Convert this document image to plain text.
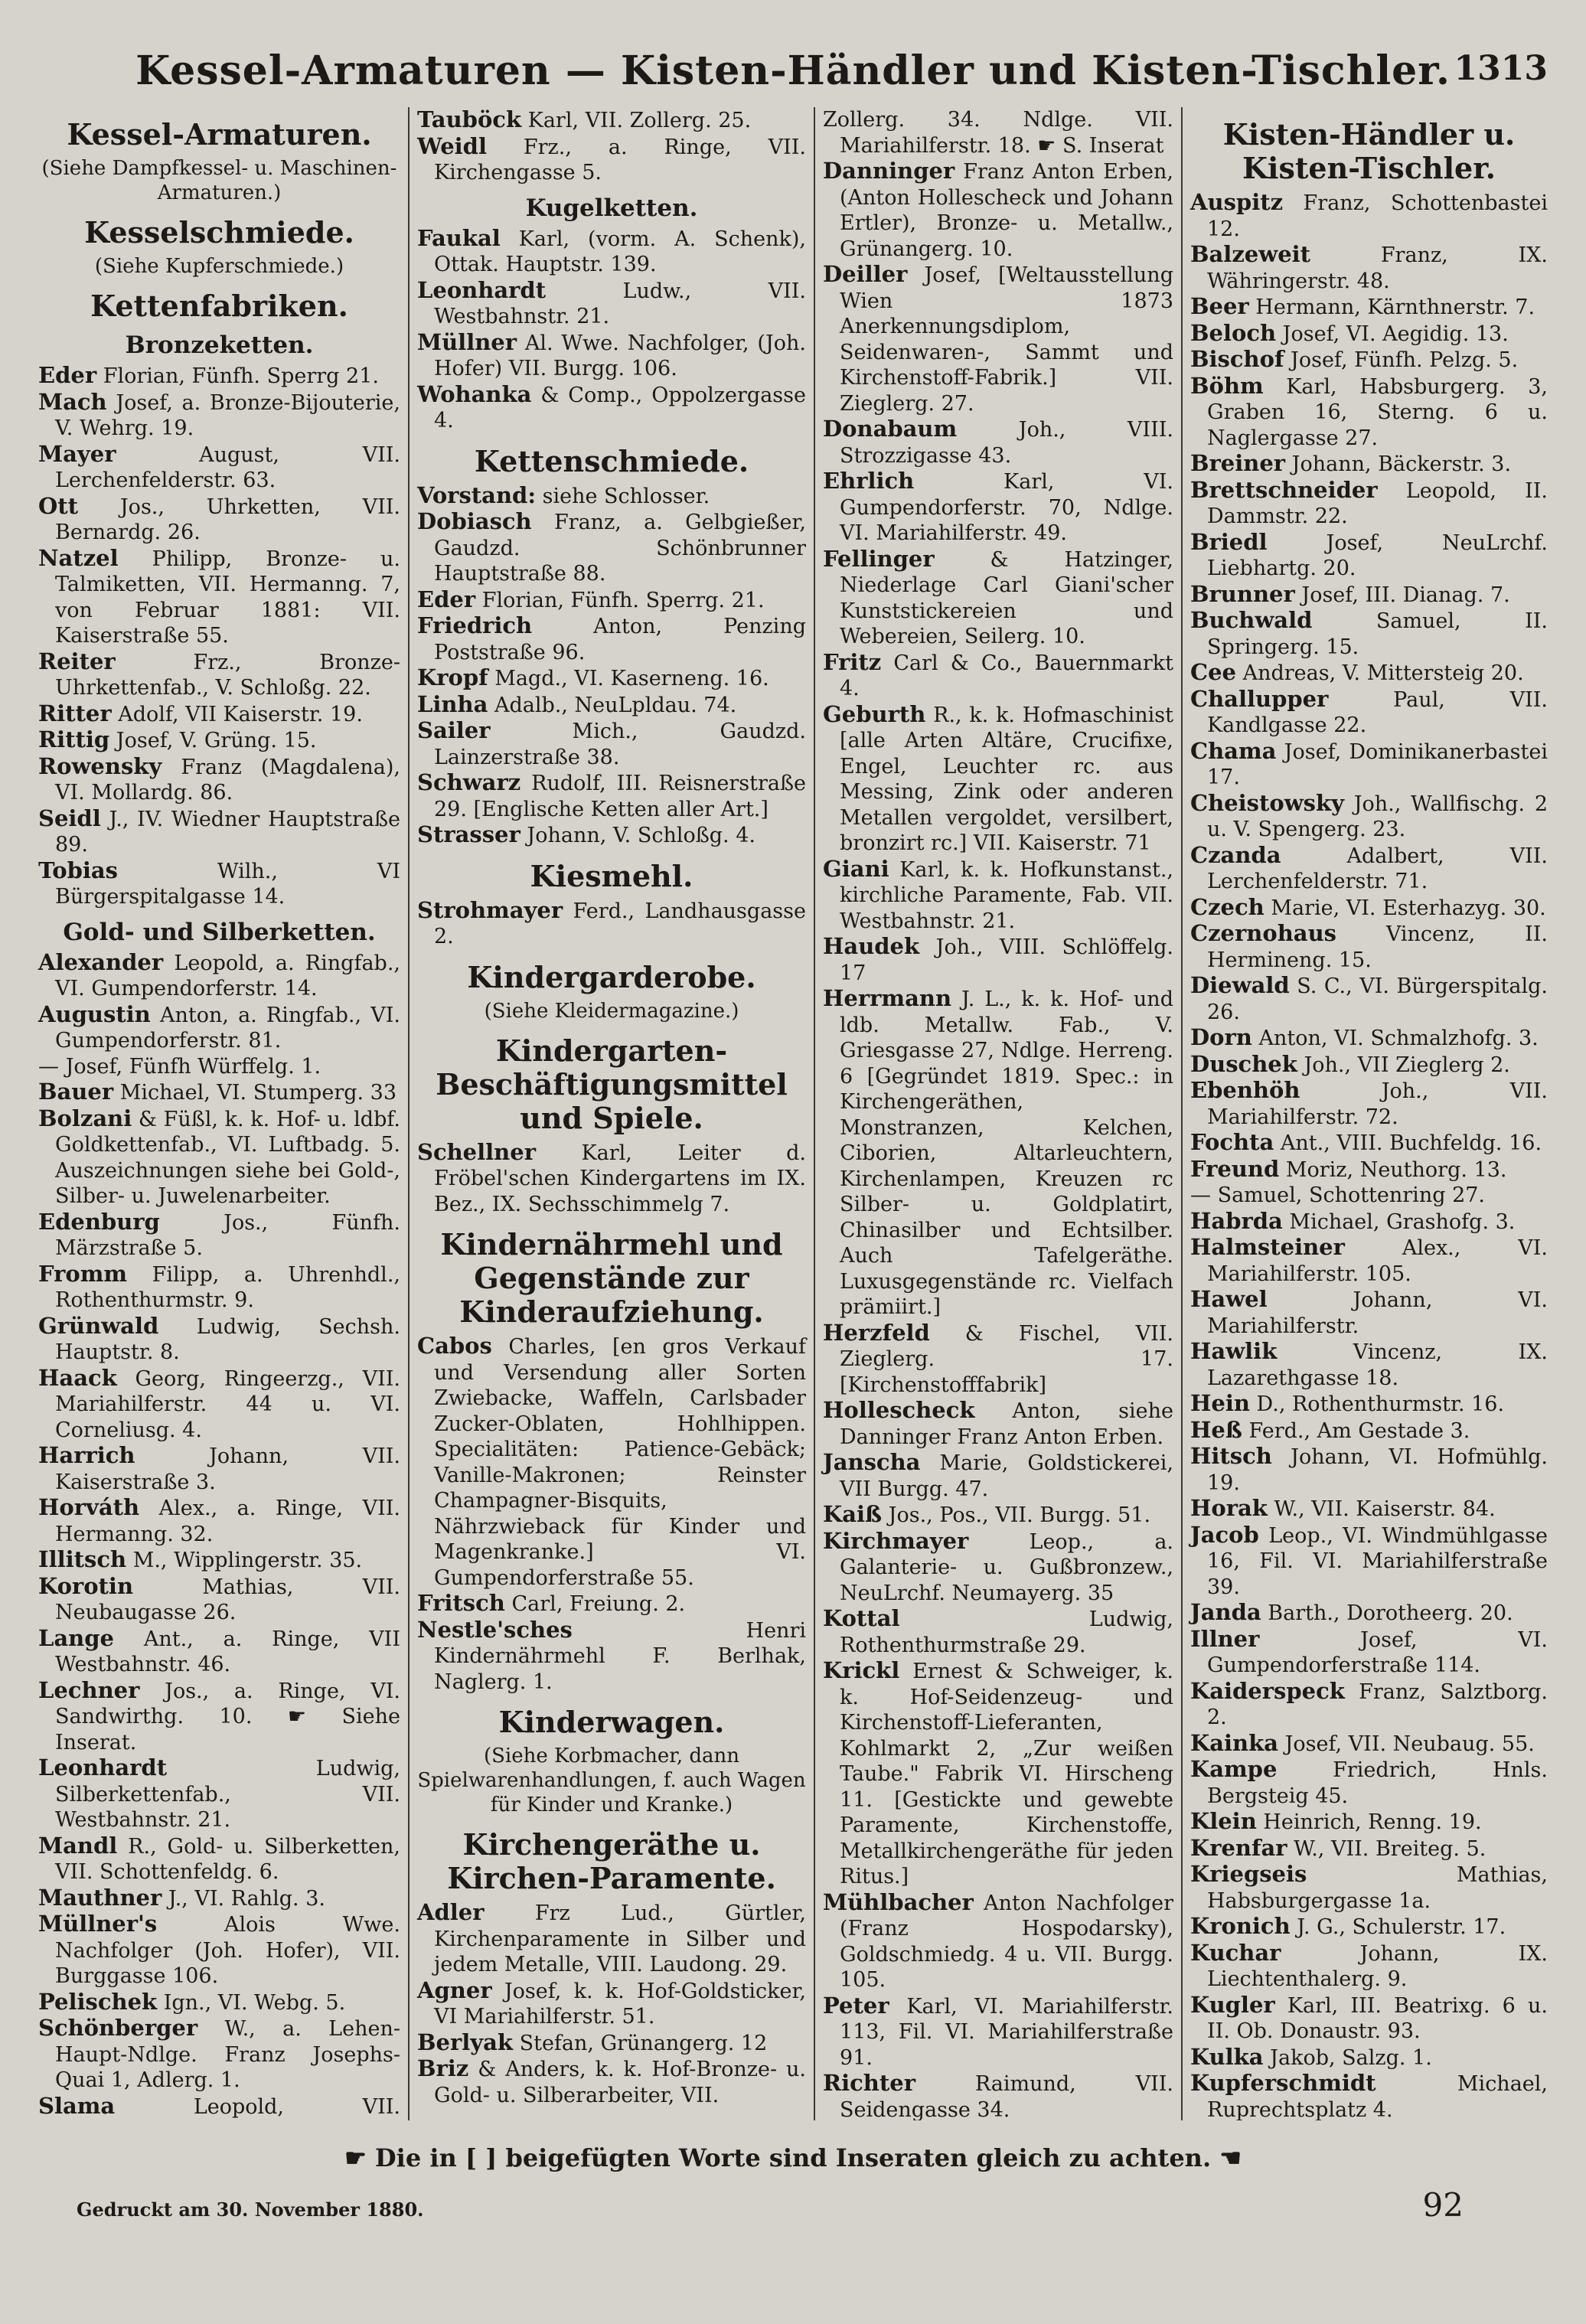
Kessel-Armaturen — Kisten-Händler und Kisten-Tischler. 1313
Kessel-Armaturen.
(Siehe Dampfkessel- u. Maschinen-Armaturen.)
Kesselschmiede.
(Siehe Kupferschmiede.)
Kettenfabriken.
Bronzeketten.

Eder Florian, Fünfh. Sperrg 21.

Mach Josef, a. Bronze-Bijouterie, V. Wehrg. 19.

Mayer	August, VII. Lerchenfelderstr. 63.

Ott Jos., Uhrketten, VII. Bernardg. 26.

Natzel Philipp, Bronze- u. Talmiketten, VII. Hermanng. 7, von Februar 1881: VII. Kaiserstraße 55.

Reiter	Frz., Bronze-Uhrkettenfab., V. Schloßg. 22.

Ritter Adolf, VII Kaiserstr. 19.

Rittig Josef, V. Grüng. 15.

Rowensky Franz (Magdalena), VI. Mollardg. 86.

Seidl J., IV. Wiedner Hauptstraße 89.

Tobias	Wilh., VI Bürgerspitalgasse 14.

Gold- und Silberketten.

Alexander Leopold, a. Ringfab., VI. Gumpendorferstr. 14.

Augustin Anton, a. Ringfab., VI. Gumpendorferstr. 81.

— Josef, Fünfh Würffelg. 1.

Bauer Michael, VI. Stumperg. 33

Bolzani & Füßl, k. k. Hof- u. ldbf. Goldkettenfab., VI. Luftbadg. 5. Auszeichnungen siehe bei Gold-, Silber- u. Juwelenarbeiter.

Edenburg	Jos., Fünfh. Märzstraße 5.

Fromm Filipp, a. Uhrenhdl., Rothenthurmstr. 9.

Grünwald Ludwig, Sechsh. Hauptstr. 8.

Haack Georg, Ringeerzg., VII. Mariahilferstr. 44 u. VI. Corneliusg. 4.

Harrich	Johann, VII. Kaiserstraße 3.

Horváth Alex., a. Ringe, VII. Hermanng. 32.

Illitsch M., Wipplingerstr. 35.

Korotin	Mathias, VII. Neubaugasse 26.

Lange Ant., a. Ringe, VII Westbahnstr. 46.

Lechner Jos., a. Ringe, VI. Sandwirthg. 10. ☛ Siehe Inserat.

Leonhardt	Ludwig, Silberkettenfab., VII. Westbahnstr. 21.

Mandl R., Gold- u. Silberketten, VII. Schottenfeldg. 6.

Mauthner J., VI. Rahlg. 3.

Müllner's	Alois Wwe. Nachfolger (Joh. Hofer), VII. Burggasse 106.

Pelischek Ign., VI. Webg. 5.

Schönberger W., a. Lehen-Haupt-Ndlge. Franz Josephs-Quai 1, Adlerg. 1.

Slama	Leopold, VII.

Tauböck Karl, VII. Zollerg. 25.

Weidl Frz., a. Ringe, VII. Kirchengasse 5.

Kugelketten.

Faukal Karl, (vorm. A. Schenk), Ottak. Hauptstr. 139.

Leonhardt	Ludw., VII. Westbahnstr. 21.

Müllner Al. Wwe. Nachfolger, (Joh. Hofer) VII. Burgg. 106.

Wohanka & Comp., Oppolzergasse 4.

Kettenschmiede.

Vorstand: siehe Schlosser.

Dobiasch Franz, a. Gelbgießer, Gaudzd. Schönbrunner Hauptstraße 88.

Eder Florian, Fünfh. Sperrg. 21.

Friedrich	Anton, Penzing Poststraße 96.

Kropf Magd., VI. Kaserneng. 16.

Linha Adalb., NeuLpldau. 74.

Sailer	Mich., Gaudzd. Lainzerstraße 38.

Schwarz Rudolf, III. Reisnerstraße 29. [Englische Ketten aller Art.]

Strasser Johann, V. Schloßg. 4.

Kiesmehl.

Strohmayer Ferd., Landhausgasse 2.

Kindergarderobe.
(Siehe Kleidermagazine.)
Kindergarten-Beschäftigungsmittel und Spiele.

Schellner Karl, Leiter d. Fröbel'schen Kindergartens im IX. Bez., IX. Sechsschimmelg 7.

Kindernährmehl und Gegenstände zur Kinderaufziehung.

Cabos Charles, [en gros Verkauf und Versendung aller Sorten Zwiebacke, Waffeln, Carlsbader Zucker-Oblaten, Hohlhippen. Specialitäten: Patience-Gebäck; Vanille-Makronen; Reinster Champagner-Bisquits, Nährzwieback für Kinder und Magenkranke.] VI. Gumpendorferstraße 55.

Fritsch Carl, Freiung. 2.

Nestle'sches	Henri Kindernährmehl F. Berlhak, Naglerg. 1.

Kinderwagen.
(Siehe Korbmacher, dann Spielwarenhandlungen, f. auch Wagen für Kinder und Kranke.)
Kirchengeräthe u. Kirchen-Paramente.

Adler Frz Lud., Gürtler, Kirchenparamente in Silber und jedem Metalle, VIII. Laudong. 29.

Agner Josef, k. k. Hof-Goldsticker, VI Mariahilferstr. 51.

Berlyak Stefan, Grünangerg. 12

Briz & Anders, k. k. Hof-Bronze- u. Gold- u. Silberarbeiter, VII.

Zollerg. 34. Ndlge. VII. Mariahilferstr. 18. ☛ S. Inserat

Danninger Franz Anton Erben, (Anton Hollescheck und Johann Ertler), Bronze- u. Metallw., Grünangerg. 10.

Deiller Josef, [Weltausstellung Wien 1873 Anerkennungsdiplom, Seidenwaren-, Sammt und Kirchenstoff-Fabrik.] VII. Zieglerg. 27.

Donabaum	Joh., VIII. Strozzigasse 43.

Ehrlich	Karl, VI. Gumpendorferstr. 70, Ndlge. VI. Mariahilferstr. 49.

Fellinger	& Hatzinger, Niederlage Carl Giani'scher Kunststickereien und Webereien, Seilerg. 10.

Fritz Carl & Co., Bauernmarkt 4.

Geburth R., k. k. Hofmaschinist [alle Arten Altäre, Crucifixe, Engel, Leuchter rc. aus Messing, Zink oder anderen Metallen vergoldet, versilbert, bronzirt rc.] VII. Kaiserstr. 71

Giani Karl, k. k. Hofkunstanst., kirchliche Paramente, Fab. VII. Westbahnstr. 21.

Haudek Joh., VIII. Schlöffelg. 17

Herrmann J. L., k. k. Hof- und ldb. Metallw. Fab., V. Griesgasse 27, Ndlge. Herreng. 6 [Gegründet 1819. Spec.: in Kirchengeräthen, Monstranzen, Kelchen, Ciborien, Altarleuchtern, Kirchenlampen, Kreuzen rc Silber- u. Goldplatirt, Chinasilber und Echtsilber. Auch Tafelgeräthe. Luxusgegenstände rc. Vielfach prämiirt.]

Herzfeld & Fischel, VII. Zieglerg. 17. [Kirchenstofffabrik]

Hollescheck Anton, siehe Danninger Franz Anton Erben.

Janscha Marie, Goldstickerei, VII Burgg. 47.

Kaiß Jos., Pos., VII. Burgg. 51.

Kirchmayer	Leop., a. Galanterie- u. Gußbronzew., NeuLrchf. Neumayerg. 35

Kottal	Ludwig, Rothenthurmstraße 29.

Krickl Ernest & Schweiger, k. k. Hof-Seidenzeug- und Kirchenstoff-Lieferanten, Kohlmarkt 2, „Zur weißen Taube." Fabrik VI. Hirscheng 11. [Gestickte und gewebte Paramente, Kirchenstoffe, Metallkirchengeräthe für jeden Ritus.]

Mühlbacher Anton Nachfolger (Franz Hospodarsky), Goldschmiedg. 4 u. VII. Burgg. 105.

Peter Karl, VI. Mariahilferstr. 113, Fil. VI. Mariahilferstraße 91.

Richter	Raimund, VII. Seidengasse 34.

Kisten-Händler u. Kisten-Tischler.

Auspitz Franz, Schottenbastei 12.

Balzeweit	Franz, IX. Währingerstr. 48.

Beer Hermann, Kärnthnerstr. 7.

Beloch Josef, VI. Aegidig. 13.

Bischof Josef, Fünfh. Pelzg. 5.

Böhm Karl, Habsburgerg. 3, Graben 16, Sterng. 6 u. Naglergasse 27.

Breiner Johann, Bäckerstr. 3.

Brettschneider Leopold, II. Dammstr. 22.

Briedl	Josef, NeuLrchf. Liebhartg. 20.

Brunner Josef, III. Dianag. 7.

Buchwald	Samuel, II. Springerg. 15.

Cee Andreas, V. Mittersteig 20.

Challupper	Paul, VII. Kandlgasse 22.

Chama Josef, Dominikanerbastei 17.

Cheistowsky Joh., Wallfischg. 2 u. V. Spengerg. 23.

Czanda	Adalbert, VII. Lerchenfelderstr. 71.

Czech Marie, VI. Esterhazyg. 30.

Czernohaus Vincenz, II. Hermineng. 15.

Diewald S. C., VI. Bürgerspitalg. 26.

Dorn Anton, VI. Schmalzhofg. 3.

Duschek Joh., VII Zieglerg 2.

Ebenhöh	Joh., VII. Mariahilferstr. 72.

Fochta Ant., VIII. Buchfeldg. 16.

Freund Moriz, Neuthorg. 13.

— Samuel, Schottenring 27.

Habrda Michael, Grashofg. 3.

Halmsteiner	Alex., VI. Mariahilferstr. 105.

Hawel	Johann, VI. Mariahilferstr.

Hawlik	Vincenz, IX. Lazarethgasse 18.

Hein D., Rothenthurmstr. 16.

Heß Ferd., Am Gestade 3.

Hitsch Johann, VI. Hofmühlg. 19.

Horak W., VII. Kaiserstr. 84.

Jacob Leop., VI. Windmühlgasse 16, Fil. VI. Mariahilferstraße 39.

Janda Barth., Dorotheerg. 20.

Illner	Josef, VI. Gumpendorferstraße 114.

Kaiderspeck Franz, Salztborg. 2.

Kainka Josef, VII. Neubaug. 55.

Kampe	Friedrich, Hnls. Bergsteig 45.

Klein Heinrich, Renng. 19.

Krenfar W., VII. Breiteg. 5.

Kriegseis	Mathias, Habsburgergasse 1a.

Kronich J. G., Schulerstr. 17.

Kuchar	Johann, IX. Liechtenthalerg. 9.

Kugler Karl, III. Beatrixg. 6 u. II. Ob. Donaustr. 93.

Kulka Jakob, Salzg. 1.

Kupferschmidt	Michael, Ruprechtsplatz 4.

☛ Die in [ ] beigefügten Worte sind Inseraten gleich zu achten. ☚
Gedruckt am 30. November 1880.	92
